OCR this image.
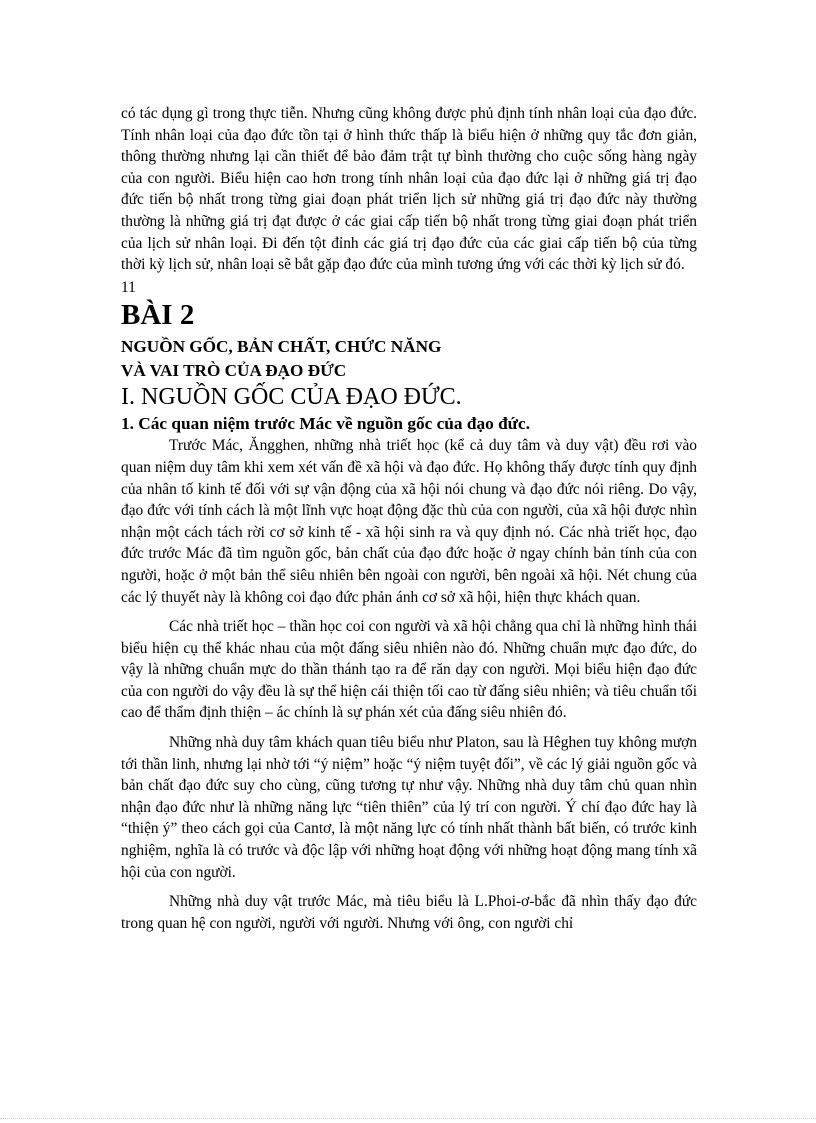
có tác dụng gì trong thực tiễn. Nhưng cũng không được phủ định tính nhân loại của đạo đức. Tính nhân loại của đạo đức tồn tại ở hình thức thấp là biểu hiện ở những quy tắc đơn giản, thông thường nhưng lại cần thiết để bảo đảm trật tự bình thường cho cuộc sống hàng ngày của con người. Biểu hiện cao hơn trong tính nhân loại của đạo đức lại ở những giá trị đạo đức tiến bộ nhất trong từng giai đoạn phát triển lịch sử những giá trị đạo đức này thường thường là những giá trị đạt được ở các giai cấp tiến bộ nhất trong từng giai đoạn phát triển của lịch sử nhân loại. Đi đến tột đỉnh các giá trị đạo đức của các giai cấp tiến bộ của từng thời kỳ lịch sử, nhân loại sẽ bắt gặp đạo đức của mình tương ứng với các thời kỳ lịch sử đó.

11
BÀI 2
NGUỒN GỐC, BẢN CHẤT, CHỨC NĂNG
VÀ VAI TRÒ CỦA ĐẠO ĐỨC
I. NGUỒN GỐC CỦA ĐẠO ĐỨC.
1. Các quan niệm trước Mác về nguồn gốc của đạo đức.

Trước Mác, Ăngghen, những nhà triết học (kể cả duy tâm và duy vật) đều rơi vào quan niệm duy tâm khi xem xét vấn đề xã hội và đạo đức. Họ không thấy được tính quy định của nhân tố kinh tế đối với sự vận động của xã hội nói chung và đạo đức nói riêng. Do vậy, đạo đức với tính cách là một lĩnh vực hoạt động đặc thù của con người, của xã hội được nhìn nhận một cách tách rời cơ sở kinh tế - xã hội sinh ra và quy định nó. Các nhà triết học, đạo đức trước Mác đã tìm nguồn gốc, bản chất của đạo đức hoặc ở ngay chính bản tính của con người, hoặc ở một bản thể siêu nhiên bên ngoài con người, bên ngoài xã hội. Nét chung của các lý thuyết này là không coi đạo đức phản ánh cơ sở xã hội, hiện thực khách quan.

Các nhà triết học – thần học coi con người và xã hội chẳng qua chỉ là những hình thái biểu hiện cụ thể khác nhau của một đấng siêu nhiên nào đó. Những chuẩn mực đạo đức, do vậy là những chuẩn mực do thần thánh tạo ra để răn dạy con người. Mọi biểu hiện đạo đức của con người do vậy đều là sự thể hiện cái thiện tối cao từ đấng siêu nhiên; và tiêu chuẩn tối cao để thẩm định thiện – ác chính là sự phán xét của đấng siêu nhiên đó.

Những nhà duy tâm khách quan tiêu biểu như Platon, sau là Hêghen tuy không mượn tới thần linh, nhưng lại nhờ tới “ý niệm” hoặc “ý niệm tuyệt đối”, về các lý giải nguồn gốc và bản chất đạo đức suy cho cùng, cũng tương tự như vậy. Những nhà duy tâm chủ quan nhìn nhận đạo đức như là những năng lực “tiên thiên” của lý trí con người. Ý chí đạo đức hay là “thiện ý” theo cách gọi của Cantơ, là một năng lực có tính nhất thành bất biến, có trước kinh nghiệm, nghĩa là có trước và độc lập với những hoạt động với những hoạt động mang tính xã hội của con người.

Những nhà duy vật trước Mác, mà tiêu biểu là L.Phoi-ơ-bắc đã nhìn thấy đạo đức trong quan hệ con người, người với người. Nhưng với ông, con người chỉ
